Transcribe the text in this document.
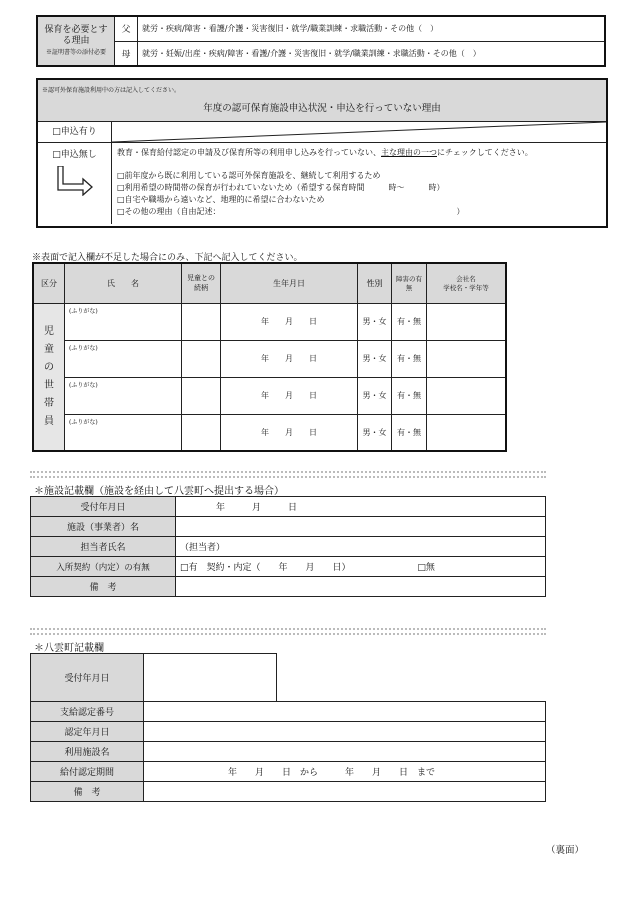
保育を必要とする理由
※証明書等の添付必要	父	就労・疾病/障害・看護/介護・災害復旧・就学/職業訓練・求職活動・その他（　）
	母	就労・妊娠/出産・疾病/障害・看護/介護・災害復旧・就学/職業訓練・求職活動・その他（　）
※認可外保育施設利用中の方は記入してください。
年度の認可保育施設申込状況・申込を行っていない理由
□申込有り
□申込無し	教育・保育給付認定の申請及び保育所等の利用申し込みを行っていない、主な理由の一つにチェックしてください。
□前年度から既に利用している認可外保育施設を、継続して利用するため
□利用希望の時間帯の保育が行われていないため（希望する保育時間　　　時～　　　時）
□自宅や職場から遠いなど、地理的に希望に合わないため
□その他の理由（自由記述：　　　　　　　　　　　　　　　　　　　　　　　　　　　　　　）
※表面で記入欄が不足した場合にのみ、下記へ記入してください。
区分	氏　　名	児童との続柄	生年月日	性別	障害の有無	会社名
学校名・学年等

児童の世帯員	(ふりがな)		年　　月　　日	男・女	有・無	
	(ふりがな)		年　　月　　日	男・女	有・無	
	(ふりがな)		年　　月　　日	男・女	有・無	
	(ふりがな)		年　　月　　日	男・女	有・無	
＊施設記載欄（施設を経由して八雲町へ提出する場合）
受付年月日	年　　　月　　　日
施設（事業者）名	
担当者氏名	（担当者）
入所契約（内定）の有無	□有　契約・内定（　　年　　月　　日） □無
備　考	
＊八雲町記載欄
受付年月日		
支給認定番号		
認定年月日		
利用施設名		
給付認定期間	年　　月　　日　から　　　年　　月　　日　まで	
備　考		
（裏面）
